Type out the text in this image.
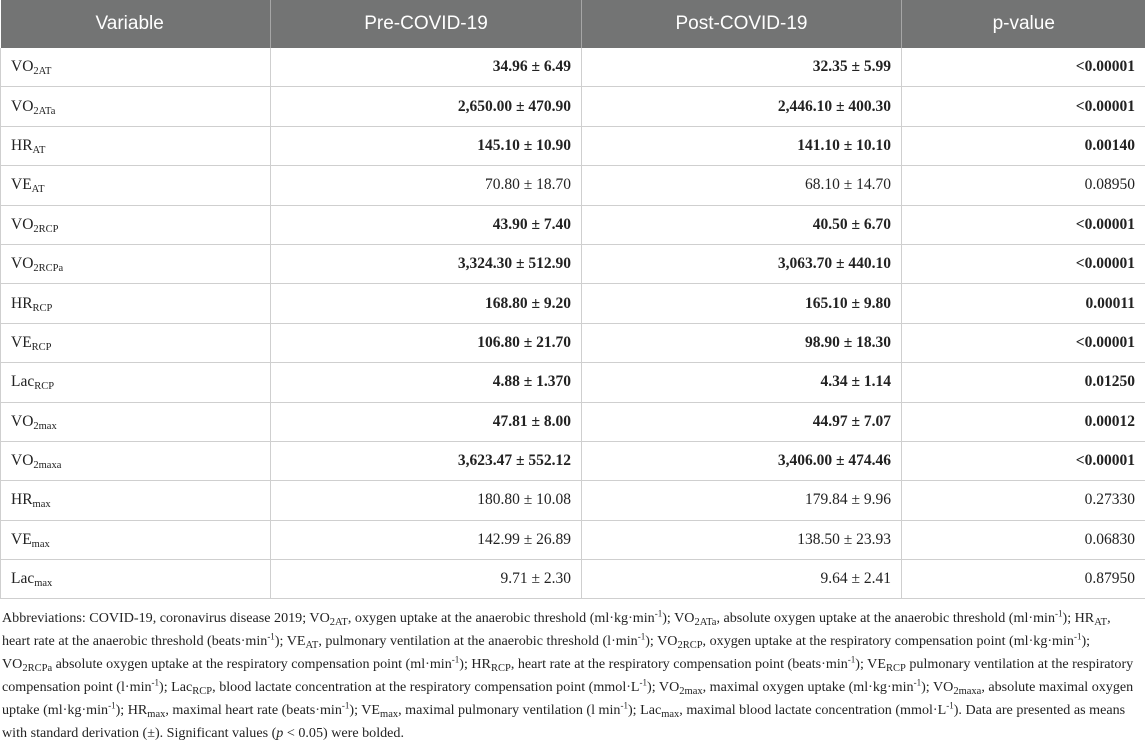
Variable	Pre-COVID-19	Post-COVID-19	p-value
$VO_{2AT}$	34.96 ± 6.49	32.35 ± 5.99	<0.00001
$VO_{2ATa}$	2,650.00 ± 470.90	2,446.10 ± 400.30	<0.00001
$HR_{AT}$	145.10 ± 10.90	141.10 ± 10.10	0.00140
$VE_{AT}$	70.80 ± 18.70	68.10 ± 14.70	0.08950
$VO_{2RCP}$	43.90 ± 7.40	40.50 ± 6.70	<0.00001
$VO_{2RCPa}$	3,324.30 ± 512.90	3,063.70 ± 440.10	<0.00001
$HR_{RCP}$	168.80 ± 9.20	165.10 ± 9.80	0.00011
$VE_{RCP}$	106.80 ± 21.70	98.90 ± 18.30	<0.00001
Lac$_{RCP}$	4.88 ± 1.370	4.34 ± 1.14	0.01250
$VO_{2max}$	47.81 ± 8.00	44.97 ± 7.07	0.00012
$VO_{2maxa}$	3,623.47 ± 552.12	3,406.00 ± 474.46	<0.00001
$HR_{max}$	180.80 ± 10.08	179.84 ± 9.96	0.27330
$VE_{max}$	142.99 ± 26.89	138.50 ± 23.93	0.06830
Lac$_{max}$	9.71 ± 2.30	9.64 ± 2.41	0.87950
Abbreviations: COVID-19, coronavirus disease 2019; $VO_{2AT}$, oxygen uptake at the anaerobic threshold $(ml\cdot kg\cdot\min^{-1})$; $VO_{2ATa}$, absolute oxygen uptake at the anaerobic threshold $(ml\cdot\min^{-1})$; $HR_{AT}$, heart rate at the anaerobic threshold $(beats\cdot\min^{-1})$; $VE_{AT}$, pulmonary ventilation at the anaerobic threshold $(l\cdot\min^{-1})$; $VO_{2RCP}$, oxygen uptake at the respiratory compensation point $(ml\cdot kg\cdot\min^{-1})$; $VO_{2RCPa}$ absolute oxygen uptake at the respiratory compensation point $(ml\cdot\min^{-1})$; $HR_{RCP}$, heart rate at the respiratory compensation point $(beats\cdot\min^{-1})$; $VE_{RCP}$ pulmonary ventilation at the respiratory compensation point $(l\cdot\min^{-1})$; Lac$_{RCP}$, blood lactate concentration at the respiratory compensation point $(mmol\cdot L^{-1})$; $VO_{2max}$, maximal oxygen uptake $(ml\cdot kg\cdot\min^{-1})$; $VO_{2maxa}$, absolute maximal oxygen uptake $(ml\cdot kg\cdot\min^{-1})$; $HR_{max}$, maximal heart rate $(beats\cdot\min^{-1})$; $VE_{max}$, maximal pulmonary ventilation (l $\min^{-1}$); Lac$_{max}$, maximal blood lactate concentration $(mmol\cdot L^{-1})$. Data are presented as means with standard derivation (±). Significant values (p < 0.05) were bolded.
